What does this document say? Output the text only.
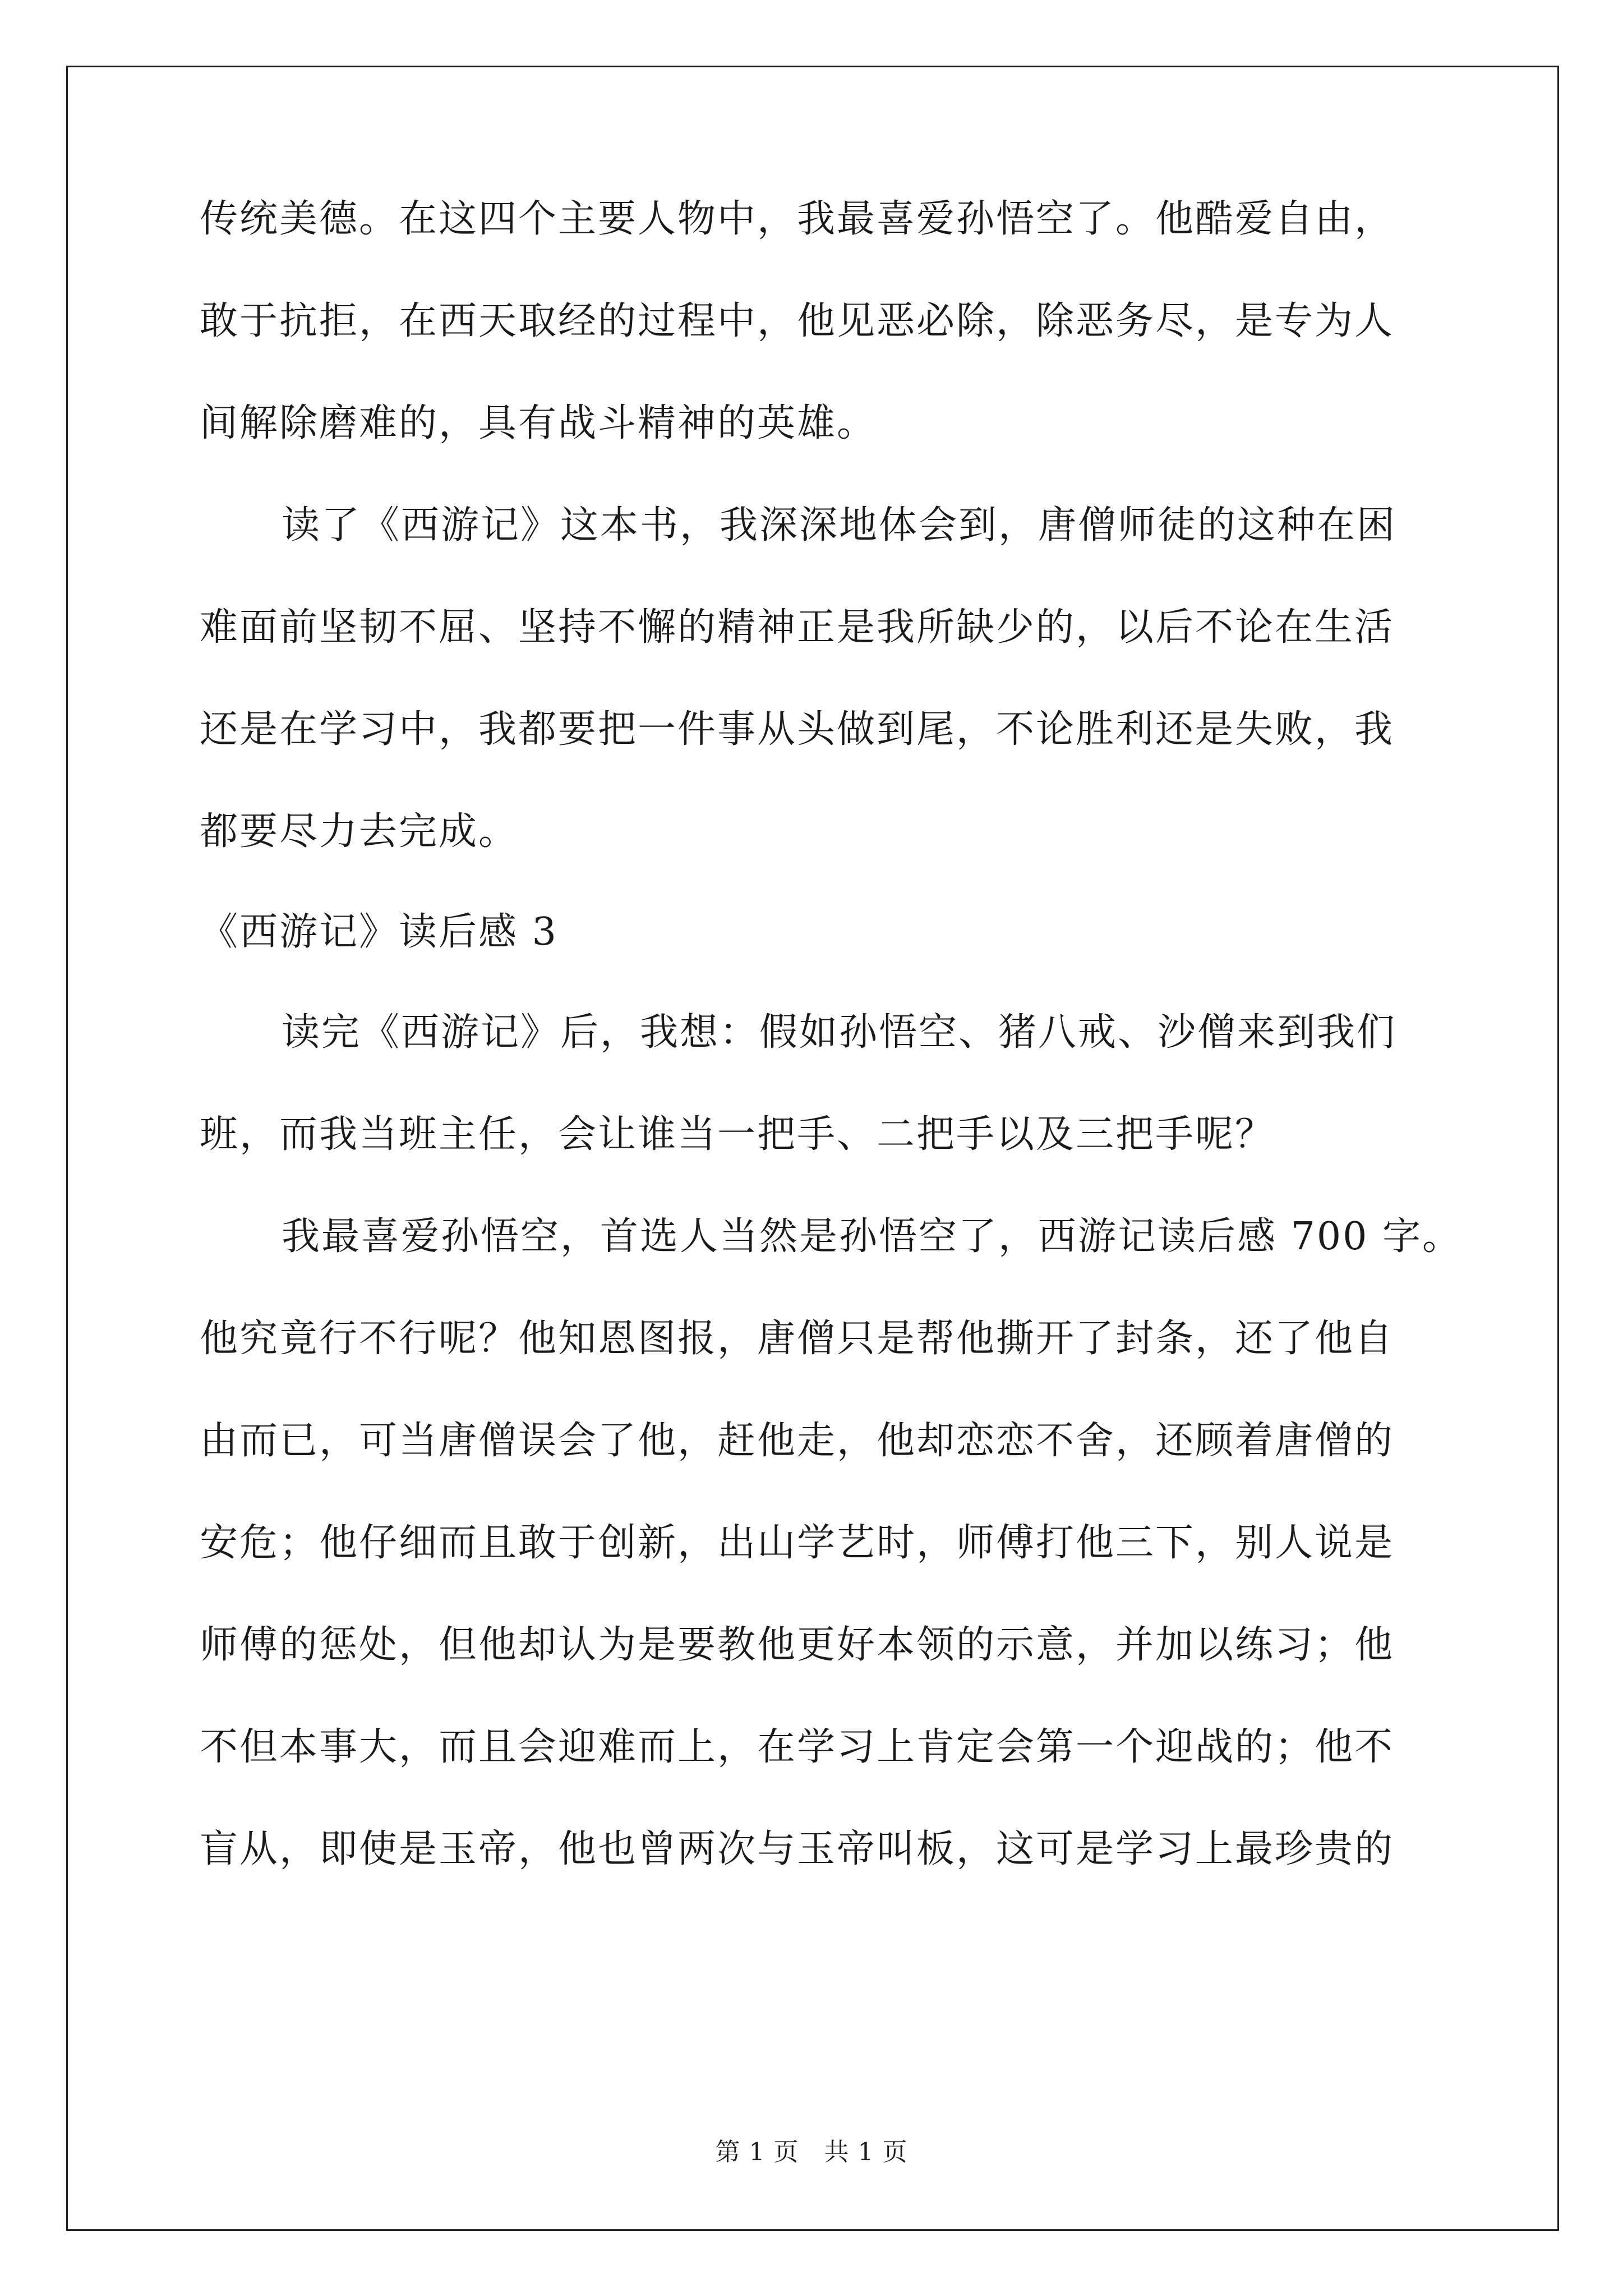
传统美德。在这四个主要人物中，我最喜爱孙悟空了。他酷爱自由，
敢于抗拒，在西天取经的过程中，他见恶必除，除恶务尽，是专为人
间解除磨难的，具有战斗精神的英雄。
读了《西游记》这本书，我深深地体会到，唐僧师徒的这种在困
难面前坚韧不屈、坚持不懈的精神正是我所缺少的，以后不论在生活
还是在学习中，我都要把一件事从头做到尾，不论胜利还是失败，我
都要尽力去完成。
《西游记》读后感 3
读完《西游记》后，我想：假如孙悟空、猪八戒、沙僧来到我们
班，而我当班主任，会让谁当一把手、二把手以及三把手呢？
我最喜爱孙悟空，首选人当然是孙悟空了，西游记读后感 700 字。
他究竟行不行呢？他知恩图报，唐僧只是帮他撕开了封条，还了他自
由而已，可当唐僧误会了他，赶他走，他却恋恋不舍，还顾着唐僧的
安危；他仔细而且敢于创新，出山学艺时，师傅打他三下，别人说是
师傅的惩处，但他却认为是要教他更好本领的示意，并加以练习；他
不但本事大，而且会迎难而上，在学习上肯定会第一个迎战的；他不
盲从，即使是玉帝，他也曾两次与玉帝叫板，这可是学习上最珍贵的
第 1 页   共 1 页
